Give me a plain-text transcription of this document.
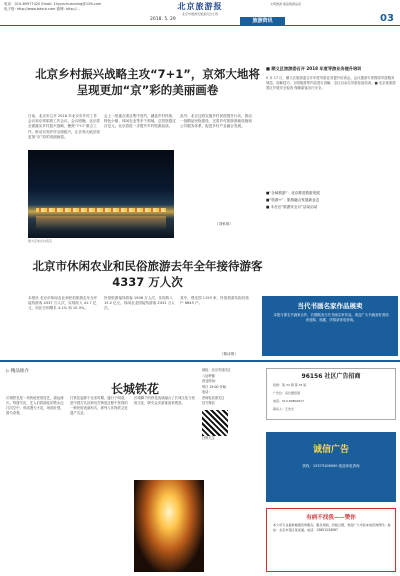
电话：010-69977420 Email: 1hyynchuanxing@126.com
电子报: http://www.bdsrb.com 微博: http://...	北京旅游报
北京市旅游发展委员会主管
文明旅游 提高旅游品质
2018. 5. 29	旅游资讯	03
北京乡村振兴战略主攻“7+1”，京郊大地将呈现更加“京”彩的美丽画卷
日前，北京市召开 2018 年北京市乡村工作会议和京郊旅游工作会议。会议明确，北京将全面落实乡村振兴战略，聚焦“7+1”重点工作，推动京郊乡村全面振兴，让京郊大地呈现更加“京”彩的美丽画卷。
会上一批重点项目集中签约，涵盖乡村民宿、特色小镇、休闲农业等多个领域，总投资超过百亿元。北京将进一步提升乡村旅游品质。
此外，北京还将实施乡村民宿提升行动，推动一批精品民宿建设，完善乡村旅游基础设施和公共服务体系，促进乡村产业融合发展。
图为京郊乡村夜景
（刘家琪）
北京市休闲农业和民俗旅游去年全年接待游客 4337 万人次
本报讯 北京市休闲农业和民俗旅游去年全年接待游客 4337 万人次，实现收入 41.7 亿元，同比分别增长 4.1% 和 10.3%。
民俗旅游接待游客 1906 万人次，实现收入 15.2 亿元，休闲农业园接待游客 2431 万人次。
其中，观光园 1155 家，民俗旅游实际经营户 6845 户。
（陈诗祺）
■ 顺义区旅游委召开 2018 年度导游业务提升培训
5 月 17 日，顺义区旅游委召开年度导游业务提升培训会。会议邀请专家围绕导游服务规范、讲解技巧、文明旅游等内容进行讲解，全区百余名导游参加培训。■ 北京某旅游景区开展安全检查 保障游客出行安全。
■“全域旅游”：北京推进旅游发展
■“旅游+”：旅游融合发展新业态
■ 丰台区“旅游安全月”活动启动
当代书画名家作品展卖
本报与著名书画家合作，长期展卖当代书画名家作品。欢迎广大书画爱好者前来选购、收藏，详情请来电咨询。
▷ 精品推介
长城铁花
长城铁花是一项传统民俗技艺，源远流长。每逢节庆，艺人们将熔化的铁水击打向空中，形成漫天火花，场面壮观，蔚为奇观。
打铁花起源于北宋时期，盛行于明清，是中国古代匠师们在铸造过程中发现的一种民俗表演形式，被列入非物质文化遗产名录。
长城脚下的铁花表演融合了长城文化与民俗文化，吸引众多游客前来观赏。
地址：北京市延庆区
八达岭镇
营业时间：
每日 19:00 开始
电话：
咨询电话请关注
官方微信
扫码关注
96156 社区广告招商
报纸：第 34 期 第 32 版
广告位：各位置招商
电话：010-89800617
联系人：王先生
诚信广告
热线：15373108090 欢迎来电咨询
有病不找我——赞你
本公司专业提供健康咨询服务，服务周到，价格合理，欢迎广大市民来电咨询预约。地址：北京市某区某街道。电话：13801234567
